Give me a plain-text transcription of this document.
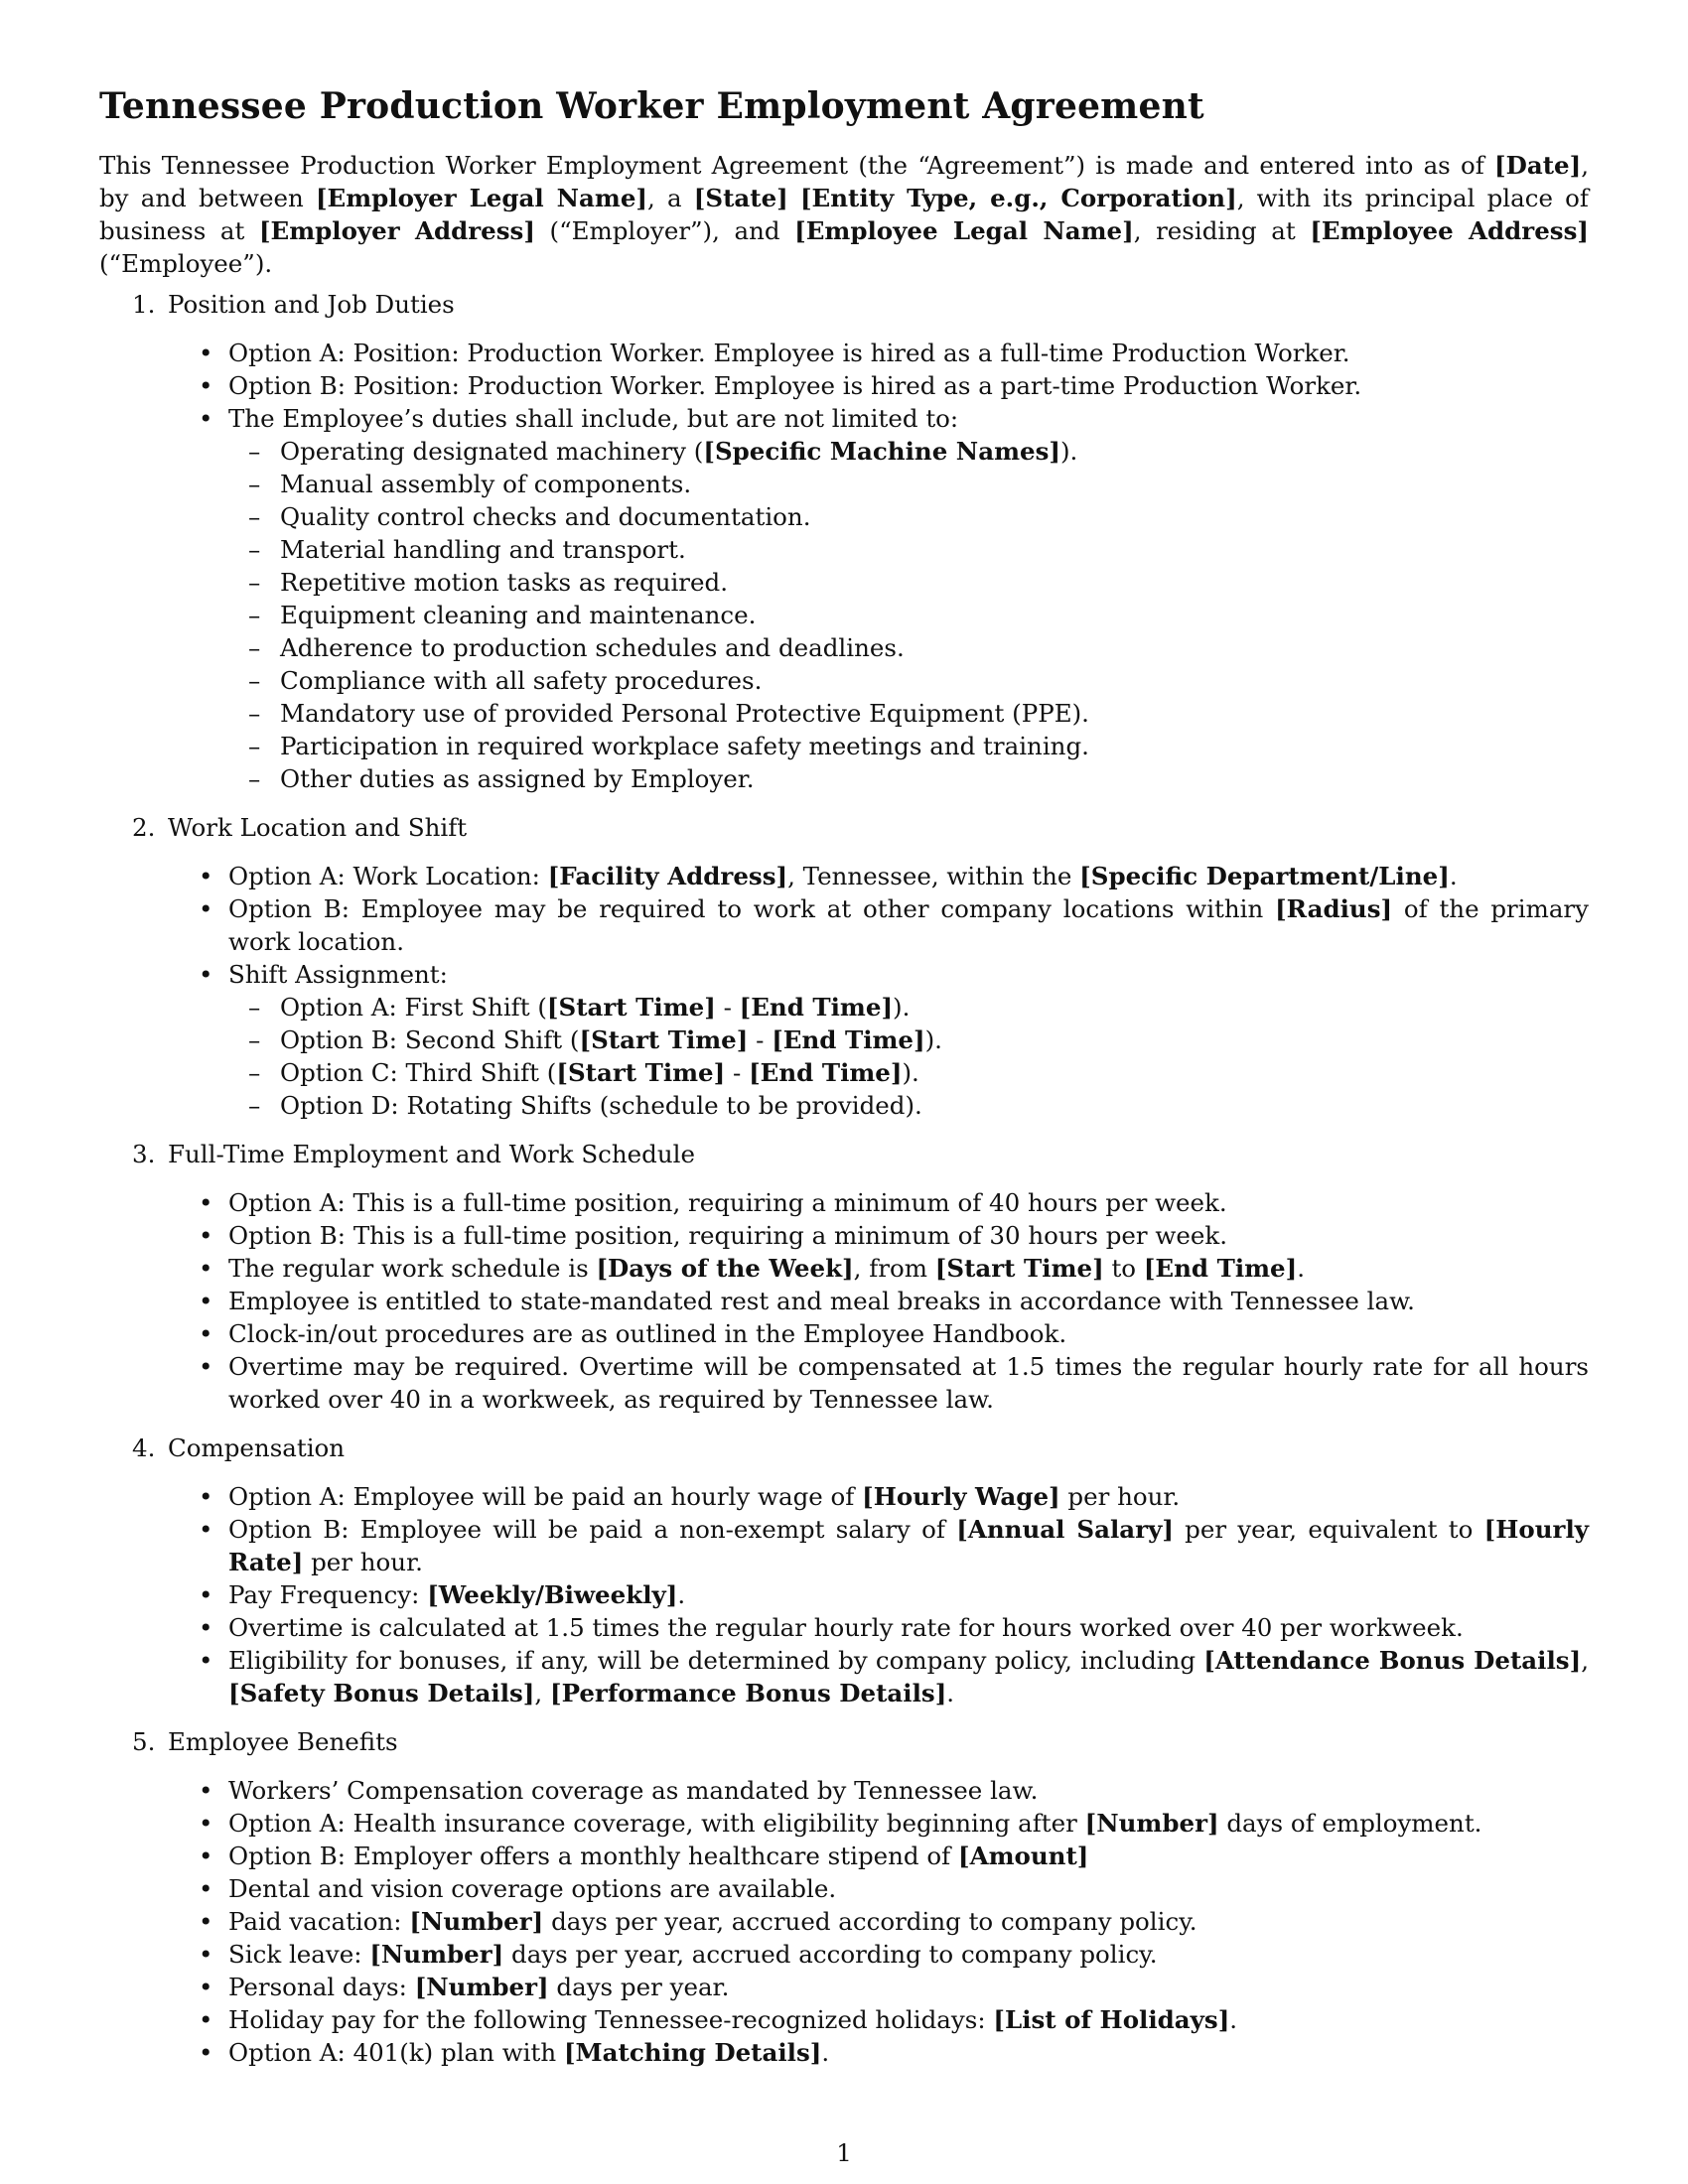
Tennessee Production Worker Employment Agreement

This Tennessee Production Worker Employment Agreement (the “Agreement”) is made and entered into as of [Date], by and between [Employer Legal Name], a [State] [Entity Type, e.g., Corporation], with its principal place of business at [Employer Address] (“Employer”), and [Employee Legal Name], residing at [Employee Address] (“Employee”).

1. Position and Job Duties
• Option A: Position: Production Worker. Employee is hired as a full-time Production Worker.
• Option B: Position: Production Worker. Employee is hired as a part-time Production Worker.
• The Employee’s duties shall include, but are not limited to:
– Operating designated machinery ([Specific Machine Names]).
– Manual assembly of components.
– Quality control checks and documentation.
– Material handling and transport.
– Repetitive motion tasks as required.
– Equipment cleaning and maintenance.
– Adherence to production schedules and deadlines.
– Compliance with all safety procedures.
– Mandatory use of provided Personal Protective Equipment (PPE).
– Participation in required workplace safety meetings and training.
– Other duties as assigned by Employer.
2. Work Location and Shift
• Option A: Work Location: [Facility Address], Tennessee, within the [Specific Department/Line].
• Option B: Employee may be required to work at other company locations within [Radius] of the primary work location.
• Shift Assignment:
– Option A: First Shift ([Start Time] - [End Time]).
– Option B: Second Shift ([Start Time] - [End Time]).
– Option C: Third Shift ([Start Time] - [End Time]).
– Option D: Rotating Shifts (schedule to be provided).
3. Full-Time Employment and Work Schedule
• Option A: This is a full-time position, requiring a minimum of 40 hours per week.
• Option B: This is a full-time position, requiring a minimum of 30 hours per week.
• The regular work schedule is [Days of the Week], from [Start Time] to [End Time].
• Employee is entitled to state-mandated rest and meal breaks in accordance with Tennessee law.
• Clock-in/out procedures are as outlined in the Employee Handbook.
• Overtime may be required. Overtime will be compensated at 1.5 times the regular hourly rate for all hours worked over 40 in a workweek, as required by Tennessee law.
4. Compensation
• Option A: Employee will be paid an hourly wage of [Hourly Wage] per hour.
• Option B: Employee will be paid a non-exempt salary of [Annual Salary] per year, equivalent to [Hourly Rate] per hour.
• Pay Frequency: [Weekly/Biweekly].
• Overtime is calculated at 1.5 times the regular hourly rate for hours worked over 40 per workweek.
• Eligibility for bonuses, if any, will be determined by company policy, including [Attendance Bonus Details], [Safety Bonus Details], [Performance Bonus Details].
5. Employee Benefits
• Workers’ Compensation coverage as mandated by Tennessee law.
• Option A: Health insurance coverage, with eligibility beginning after [Number] days of employment.
• Option B: Employer offers a monthly healthcare stipend of [Amount]
• Dental and vision coverage options are available.
• Paid vacation: [Number] days per year, accrued according to company policy.
• Sick leave: [Number] days per year, accrued according to company policy.
• Personal days: [Number] days per year.
• Holiday pay for the following Tennessee-recognized holidays: [List of Holidays].
• Option A: 401(k) plan with [Matching Details].
1
